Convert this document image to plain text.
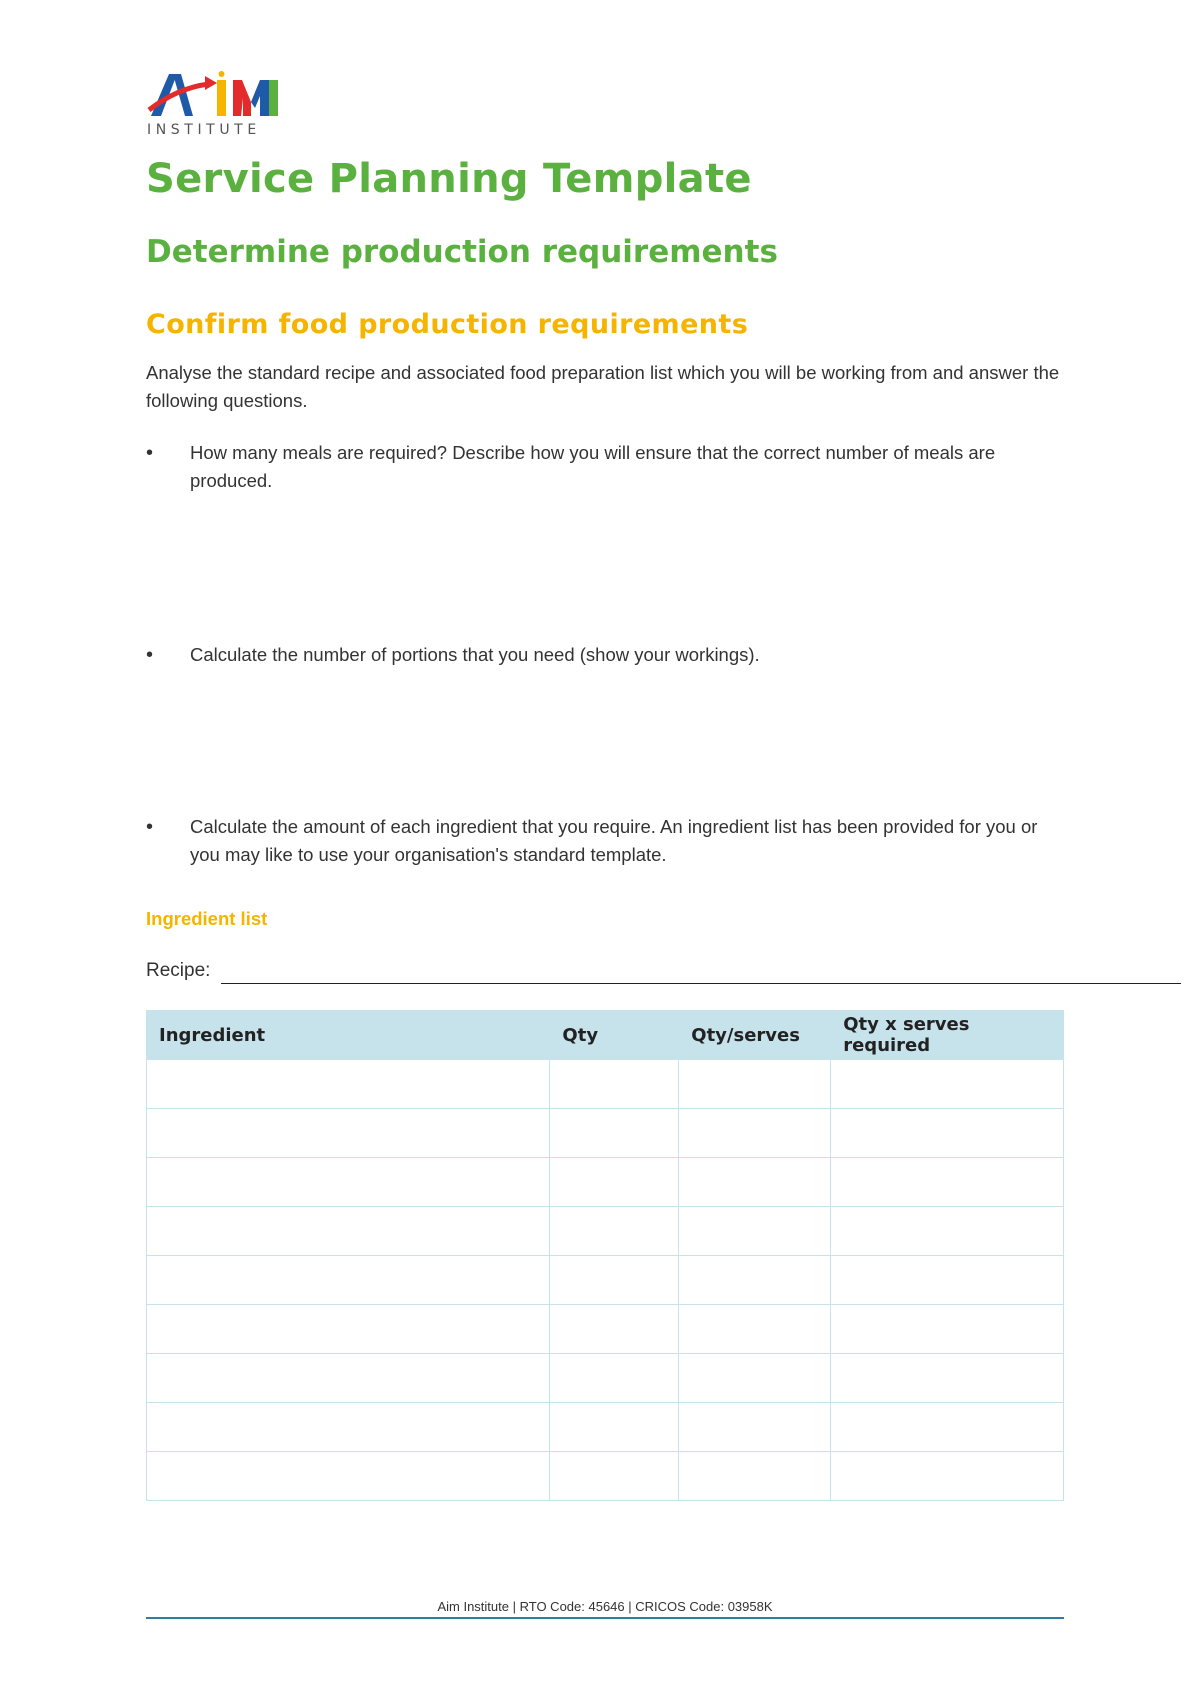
INSTITUTE
Service Planning Template
Determine production requirements
Confirm food production requirements

Analyse the standard recipe and associated food preparation list which you will be working from and answer the following questions.

• How many meals are required? Describe how you will ensure that the correct number of meals are produced.
• Calculate the number of portions that you need (show your workings).
• Calculate the amount of each ingredient that you require. An ingredient list has been provided for you or you may like to use your organisation's standard template.
Ingredient list
Recipe:
Ingredient	Qty	Qty/serves	Qty x serves required

Aim Institute | RTO Code: 45646 | CRICOS Code: 03958K
